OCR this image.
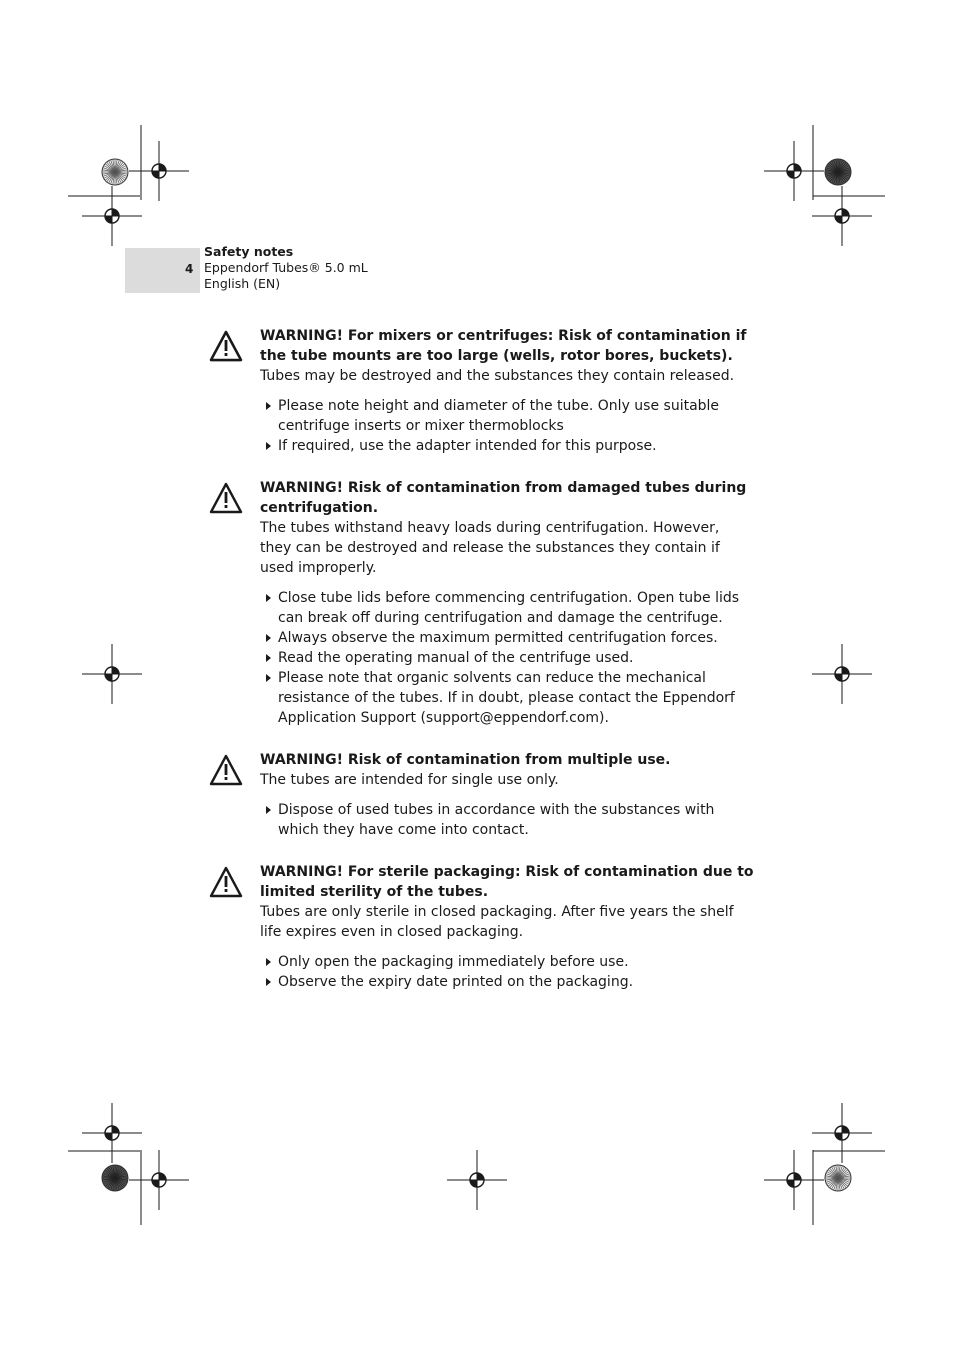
4
Safety notes
Eppendorf Tubes® 5.0 mL
English (EN)
WARNING! For mixers or centrifuges: Risk of contamination if the tube mounts are too large (wells, rotor bores, buckets).
Tubes may be destroyed and the substances they contain released.
Please note height and diameter of the tube. Only use suitable centrifuge inserts or mixer thermoblocks
If required, use the adapter intended for this purpose.
WARNING! Risk of contamination from damaged tubes during centrifugation.
The tubes withstand heavy loads during centrifugation. However, they can be destroyed and release the substances they contain if used improperly.
Close tube lids before commencing centrifugation. Open tube lids can break off during centrifugation and damage the centrifuge.
Always observe the maximum permitted centrifugation forces.
Read the operating manual of the centrifuge used.
Please note that organic solvents can reduce the mechanical resistance of the tubes. If in doubt, please contact the Eppendorf Application Support (support@eppendorf.com).
WARNING! Risk of contamination from multiple use.
The tubes are intended for single use only.
Dispose of used tubes in accordance with the substances with which they have come into contact.
WARNING! For sterile packaging: Risk of contamination due to limited sterility of the tubes.
Tubes are only sterile in closed packaging. After five years the shelf life expires even in closed packaging.
Only open the packaging immediately before use.
Observe the expiry date printed on the packaging.
